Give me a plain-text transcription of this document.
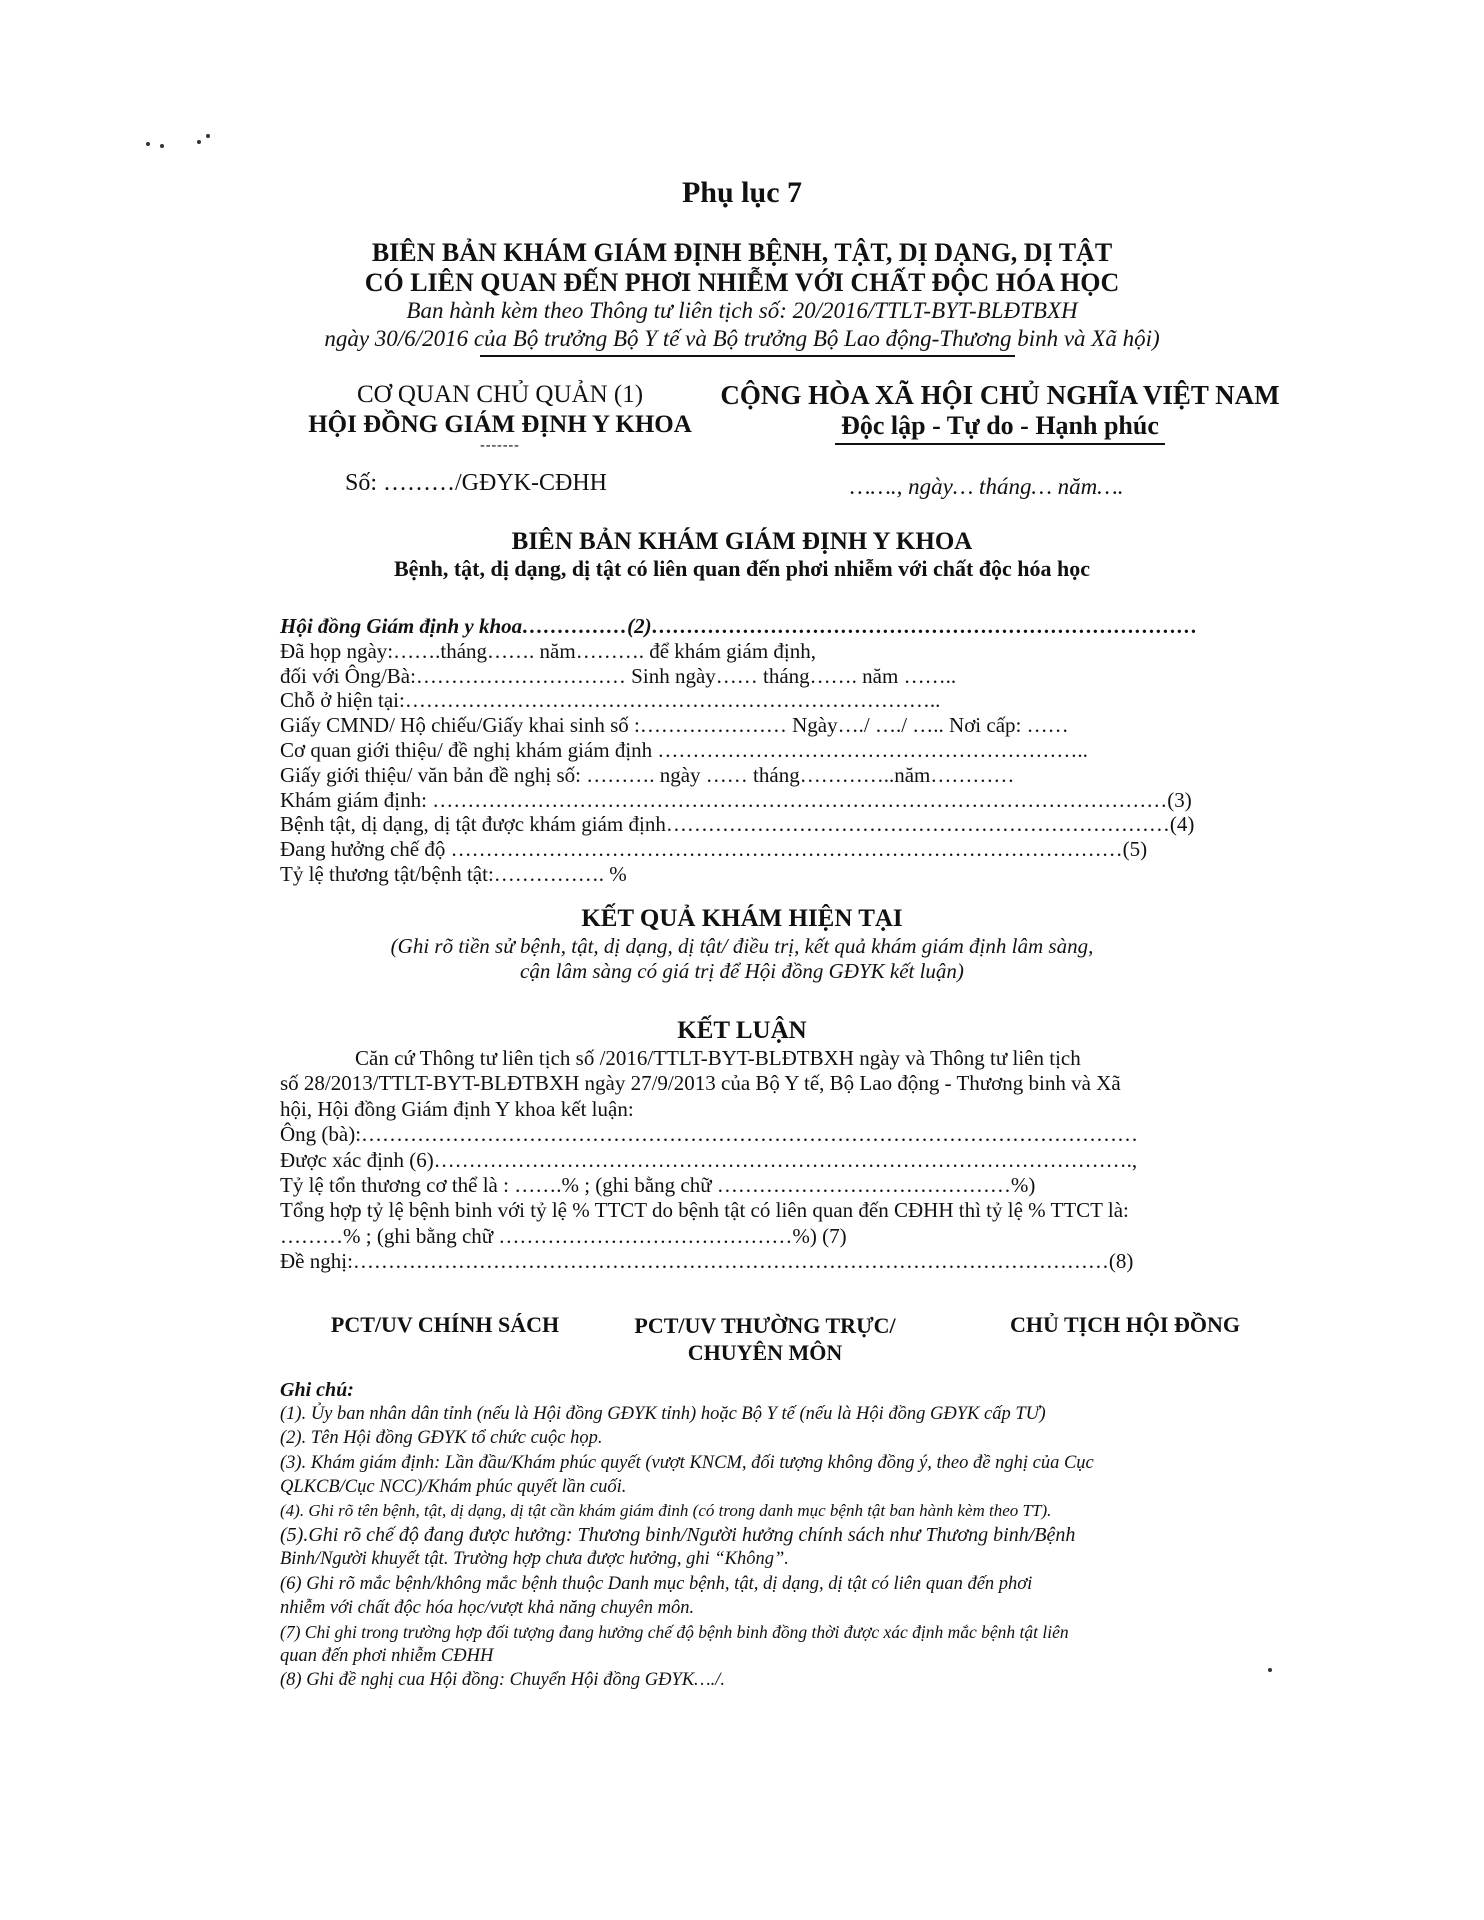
Phụ lục 7
BIÊN BẢN KHÁM GIÁM ĐỊNH BỆNH, TẬT, DỊ DẠNG, DỊ TẬT
CÓ LIÊN QUAN ĐẾN PHƠI NHIỄM VỚI CHẤT ĐỘC HÓA HỌC
Ban hành kèm theo Thông tư liên tịch số: 20/2016/TTLT-BYT-BLĐTBXH
ngày 30/6/2016 của Bộ trưởng Bộ Y tế và Bộ trưởng Bộ Lao động-Thương binh và Xã hội)
CƠ QUAN CHỦ QUẢN (1)
HỘI ĐỒNG GIÁM ĐỊNH Y KHOA
-------
Số: ………/GĐYK-CĐHH
CỘNG HÒA XÃ HỘI CHỦ NGHĨA VIỆT NAM
Độc lập - Tự do - Hạnh phúc
……., ngày… tháng… năm….
BIÊN BẢN KHÁM GIÁM ĐỊNH Y KHOA
Bệnh, tật, dị dạng, dị tật có liên quan đến phơi nhiễm với chất độc hóa học
Hội đồng Giám định y khoa……………(2)……………………………………………………………………
Đã họp ngày:…….tháng……. năm………. để khám giám định,
đối với Ông/Bà:………………………… Sinh ngày…… tháng……. năm ……..
Chỗ ở hiện tại:…………………………………………………………………..
Giấy CMND/ Hộ chiếu/Giấy khai sinh số :………………… Ngày…./ …./ ….. Nơi cấp: ……
Cơ quan giới thiệu/ đề nghị khám giám định ……………………………………………………..
Giấy giới thiệu/ văn bản đề nghị số: ………. ngày …… tháng…………..năm…………
Khám giám định: ……………………………………………………………………………………………(3)
Bệnh tật, dị dạng, dị tật được khám giám định………………………………………………………………(4)
Đang hưởng chế độ ……………………………………………………………………………………(5)
Tỷ lệ thương tật/bệnh tật:……………. %
KẾT QUẢ KHÁM HIỆN TẠI
(Ghi rõ tiền sử bệnh, tật, dị dạng, dị tật/ điều trị, kết quả khám giám định lâm sàng,
cận lâm sàng có giá trị để Hội đồng GĐYK kết luận)
KẾT LUẬN
Căn cứ Thông tư liên tịch số /2016/TTLT-BYT-BLĐTBXH ngày và Thông tư liên tịch
số 28/2013/TTLT-BYT-BLĐTBXH ngày 27/9/2013 của Bộ Y tế, Bộ Lao động - Thương binh và Xã
hội, Hội đồng Giám định Y khoa kết luận:
Ông (bà):…………………………………………………………………………………………………
Được xác định (6)……………………………………………………………………………………….,
Tỷ lệ tổn thương cơ thể là : …….% ; (ghi bằng chữ ……………………………………%)
Tổng hợp tỷ lệ bệnh binh với tỷ lệ % TTCT do bệnh tật có liên quan đến CĐHH thì tỷ lệ % TTCT là:
………% ; (ghi bằng chữ ……………………………………%) (7)
Đề nghị:………………………………………………………………………………………………(8)
PCT/UV CHÍNH SÁCH	PCT/UV THƯỜNG TRỰC/
CHUYÊN MÔN
CHỦ TỊCH HỘI ĐỒNG
Ghi chú:
(1). Ủy ban nhân dân tỉnh (nếu là Hội đồng GĐYK tỉnh) hoặc Bộ Y tế (nếu là Hội đồng GĐYK cấp TƯ)
(2). Tên Hội đồng GĐYK tổ chức cuộc họp.
(3). Khám giám định: Lần đầu/Khám phúc quyết (vượt KNCM, đối tượng không đồng ý, theo đề nghị của Cục
QLKCB/Cục NCC)/Khám phúc quyết lần cuối.
(4). Ghi rõ tên bệnh, tật, dị dạng, dị tật cần khám giám đinh (có trong danh mục bệnh tật ban hành kèm theo TT).
(5).Ghi rõ chế độ đang được hưởng: Thương binh/Người hưởng chính sách như Thương binh/Bệnh
Binh/Người khuyết tật. Trường hợp chưa được hưởng, ghi “Không”.
(6) Ghi rõ mắc bệnh/không mắc bệnh thuộc Danh mục bệnh, tật, dị dạng, dị tật có liên quan đến phơi
nhiễm với chất độc hóa học/vượt khả năng chuyên môn.
(7) Chỉ ghi trong trường hợp đối tượng đang hưởng chế độ bệnh binh đồng thời được xác định mắc bệnh tật liên
quan đến phơi nhiễm CĐHH
(8) Ghi đề nghị cua Hội đồng: Chuyển Hội đồng GĐYK…./.
